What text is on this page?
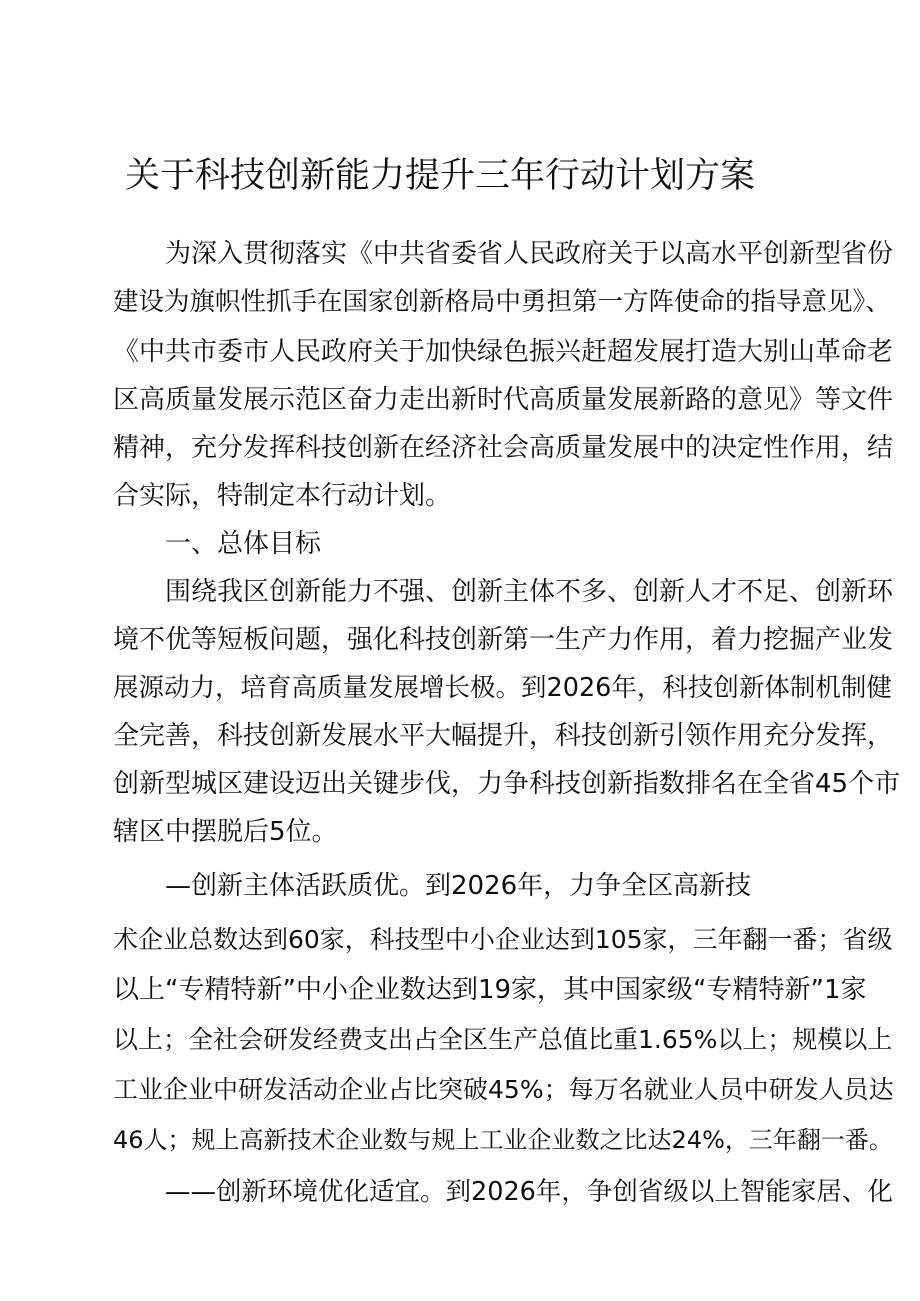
关于科技创新能力提升三年行动计划方案
为深入贯彻落实《中共省委省人民政府关于以高水平创新型省份
建设为旗帜性抓手在国家创新格局中勇担第一方阵使命的指导意见》、
《中共市委市人民政府关于加快绿色振兴赶超发展打造大别山革命老
区高质量发展示范区奋力走出新时代高质量发展新路的意见》等文件
精神，充分发挥科技创新在经济社会高质量发展中的决定性作用，结
合实际，特制定本行动计划。
一、总体目标
围绕我区创新能力不强、创新主体不多、创新人才不足、创新环
境不优等短板问题，强化科技创新第一生产力作用，着力挖掘产业发
展源动力，培育高质量发展增长极。到2026年，科技创新体制机制健
全完善，科技创新发展水平大幅提升，科技创新引领作用充分发挥，
创新型城区建设迈出关键步伐，力争科技创新指数排名在全省45个市
辖区中摆脱后5位。
—创新主体活跃质优。到2026年，力争全区高新技
术企业总数达到60家，科技型中小企业达到105家，三年翻一番；省级
以上“专精特新”中小企业数达到19家，其中国家级“专精特新”1家
以上；全社会研发经费支出占全区生产总值比重1.65%以上；规模以上
工业企业中研发活动企业占比突破45%；每万名就业人员中研发人员达
46人；规上高新技术企业数与规上工业企业数之比达24%，三年翻一番。
——创新环境优化适宜。到2026年，争创省级以上智能家居、化
